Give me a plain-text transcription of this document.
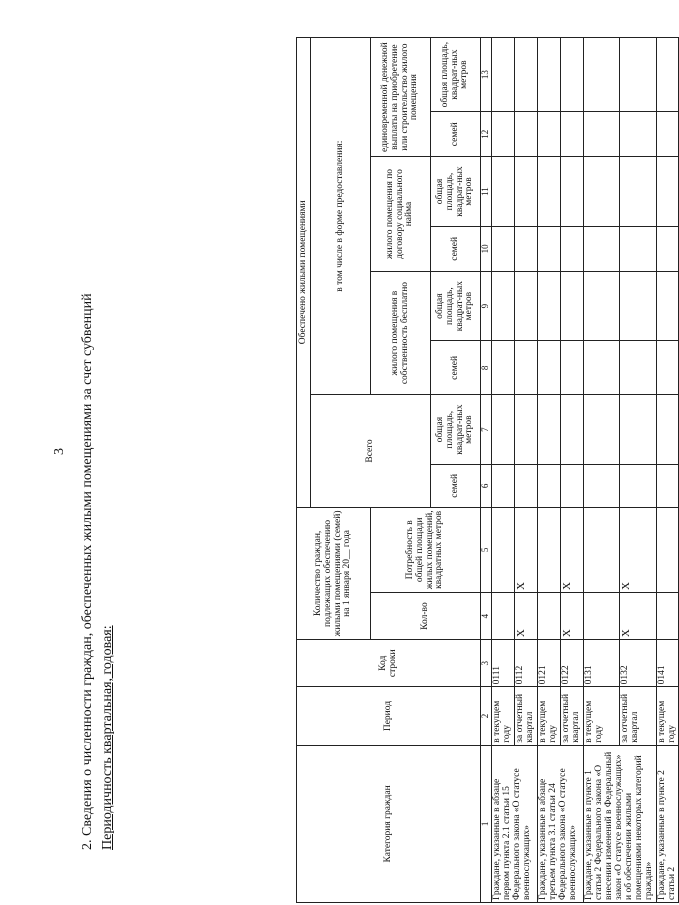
3 2. Сведения о численности граждан, обеспеченных жилыми помещениями за счет субвенций Периодичность квартальная, годовая:	Категория граждан	Период	Код строки	Количество граждан, подлежащих обеспечению жилыми помещениями (семей) на 1 января 20__ года		Обеспечено жилыми помещениями							
					Всего		в том числе в форме предоставления:					
			Кол-во	Потребность в общей площади жилых помещений, квадратных метров			жилого помещения в собственность бесплатно		жилого помещения по договору социального найма		единовременной денежной выплаты на приобретение или строительство жилого помещения	
					семей	общая площадь, квадрат-ных метров	семей	общая площадь, квадрат-ных метров	семей	общая площадь, квадрат-ных метров	семей	общая площадь, квадрат-ных метров
1	2	3	4	5	6	7	8	9	10	11	12	13
Граждане, указанные в абзаце первом пункта 2.1 статьи 15 Федерального закона «О статусе военнослужащих»	в текущем году	0111										
	за отчетный квартал	0112	X	X								
Граждане, указанные в абзаце третьем пункта 3.1 статьи 24 Федерального закона «О статусе военнослужащих»	в текущем году	0121										
	за отчетный квартал	0122	X	X								
Граждане, указанные в пункте 1 статьи 2 Федерального закона «О внесении изменений в Федеральный закон «О статусе военнослужащих» и об обеспечении жилыми помещениями некоторых категорий граждан»	в текущем году	0131										
	за отчетный квартал	0132	X	X								
Граждане, указанные в пункте 2 статьи 2	в текущем году	0141										
